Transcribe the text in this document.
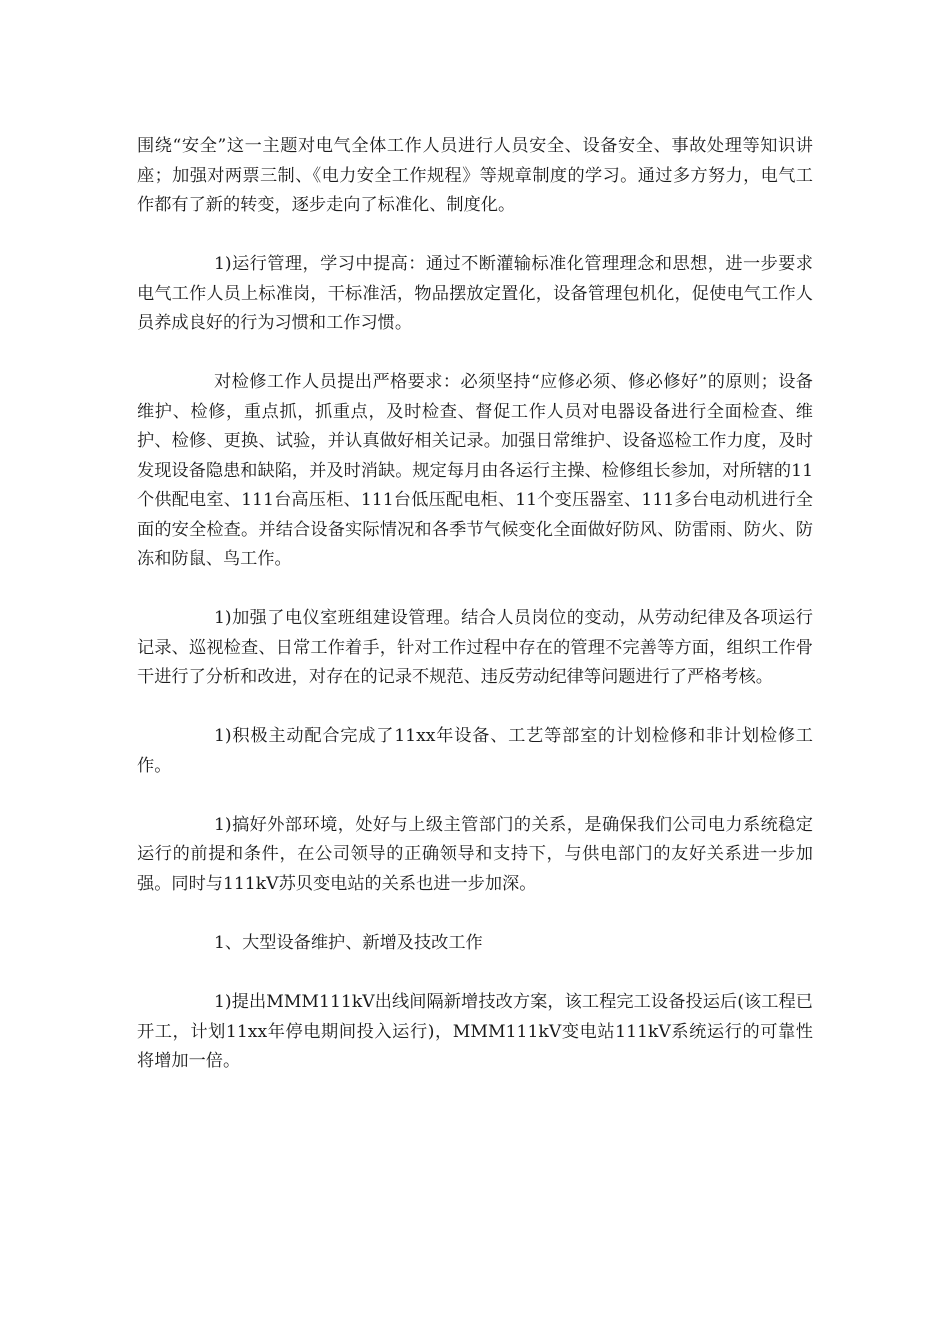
围绕“安全”这一主题对电气全体工作人员进行人员安全、设备安全、事故处理等知识讲座；加强对两票三制、《电力安全工作规程》等规章制度的学习。通过多方努力，电气工作都有了新的转变，逐步走向了标准化、制度化。

1)运行管理，学习中提高：通过不断灌输标准化管理理念和思想，进一步要求电气工作人员上标准岗，干标准活，物品摆放定置化，设备管理包机化，促使电气工作人员养成良好的行为习惯和工作习惯。

对检修工作人员提出严格要求：必须坚持“应修必须、修必修好”的原则；设备维护、检修，重点抓，抓重点，及时检查、督促工作人员对电器设备进行全面检查、维护、检修、更换、试验，并认真做好相关记录。加强日常维护、设备巡检工作力度，及时发现设备隐患和缺陷，并及时消缺。规定每月由各运行主操、检修组长参加，对所辖的11个供配电室、111台高压柜、111台低压配电柜、11个变压器室、111多台电动机进行全面的安全检查。并结合设备实际情况和各季节气候变化全面做好防风、防雷雨、防火、防冻和防鼠、鸟工作。

1)加强了电仪室班组建设管理。结合人员岗位的变动，从劳动纪律及各项运行记录、巡视检查、日常工作着手，针对工作过程中存在的管理不完善等方面，组织工作骨干进行了分析和改进，对存在的记录不规范、违反劳动纪律等问题进行了严格考核。

1)积极主动配合完成了11xx年设备、工艺等部室的计划检修和非计划检修工作。

1)搞好外部环境，处好与上级主管部门的关系，是确保我们公司电力系统稳定运行的前提和条件，在公司领导的正确领导和支持下，与供电部门的友好关系进一步加强。同时与111kV苏贝变电站的关系也进一步加深。

1、大型设备维护、新增及技改工作

1)提出MMM111kV出线间隔新增技改方案，该工程完工设备投运后(该工程已开工，计划11xx年停电期间投入运行)，MMM111kV变电站111kV系统运行的可靠性将增加一倍。
